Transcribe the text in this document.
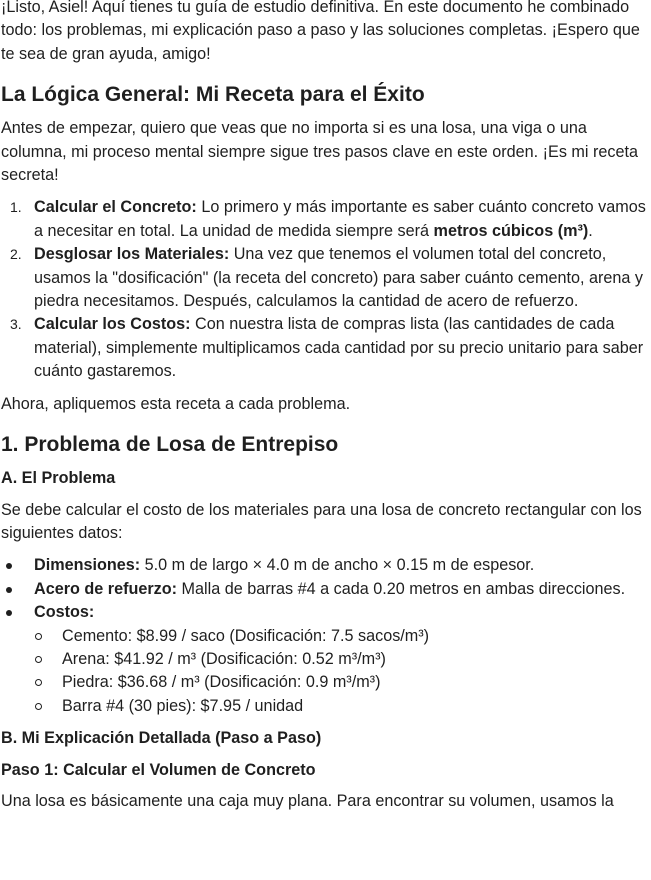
¡Listo, Asiel! Aquí tienes tu guía de estudio definitiva. En este documento he combinado todo: los problemas, mi explicación paso a paso y las soluciones completas. ¡Espero que te sea de gran ayuda, amigo!

La Lógica General: Mi Receta para el Éxito

Antes de empezar, quiero que veas que no importa si es una losa, una viga o una columna, mi proceso mental siempre sigue tres pasos clave en este orden. ¡Es mi receta secreta!

1. Calcular el Concreto: Lo primero y más importante es saber cuánto concreto vamos a necesitar en total. La unidad de medida siempre será metros cúbicos (m³).
2. Desglosar los Materiales: Una vez que tenemos el volumen total del concreto, usamos la "dosificación" (la receta del concreto) para saber cuánto cemento, arena y piedra necesitamos. Después, calculamos la cantidad de acero de refuerzo.
3. Calcular los Costos: Con nuestra lista de compras lista (las cantidades de cada material), simplemente multiplicamos cada cantidad por su precio unitario para saber cuánto gastaremos.

Ahora, apliquemos esta receta a cada problema.

1. Problema de Losa de Entrepiso
A. El Problema

Se debe calcular el costo de los materiales para una losa de concreto rectangular con los siguientes datos:

Dimensiones: 5.0 m de largo × 4.0 m de ancho × 0.15 m de espesor.
Acero de refuerzo: Malla de barras #4 a cada 0.20 metros en ambas direcciones.
Costos:
Cemento: $8.99 / saco (Dosificación: 7.5 sacos/m³)
Arena: $41.92 / m³ (Dosificación: 0.52 m³/m³)
Piedra: $36.68 / m³ (Dosificación: 0.9 m³/m³)
Barra #4 (30 pies): $7.95 / unidad
B. Mi Explicación Detallada (Paso a Paso)
Paso 1: Calcular el Volumen de Concreto

Una losa es básicamente una caja muy plana. Para encontrar su volumen, usamos la
